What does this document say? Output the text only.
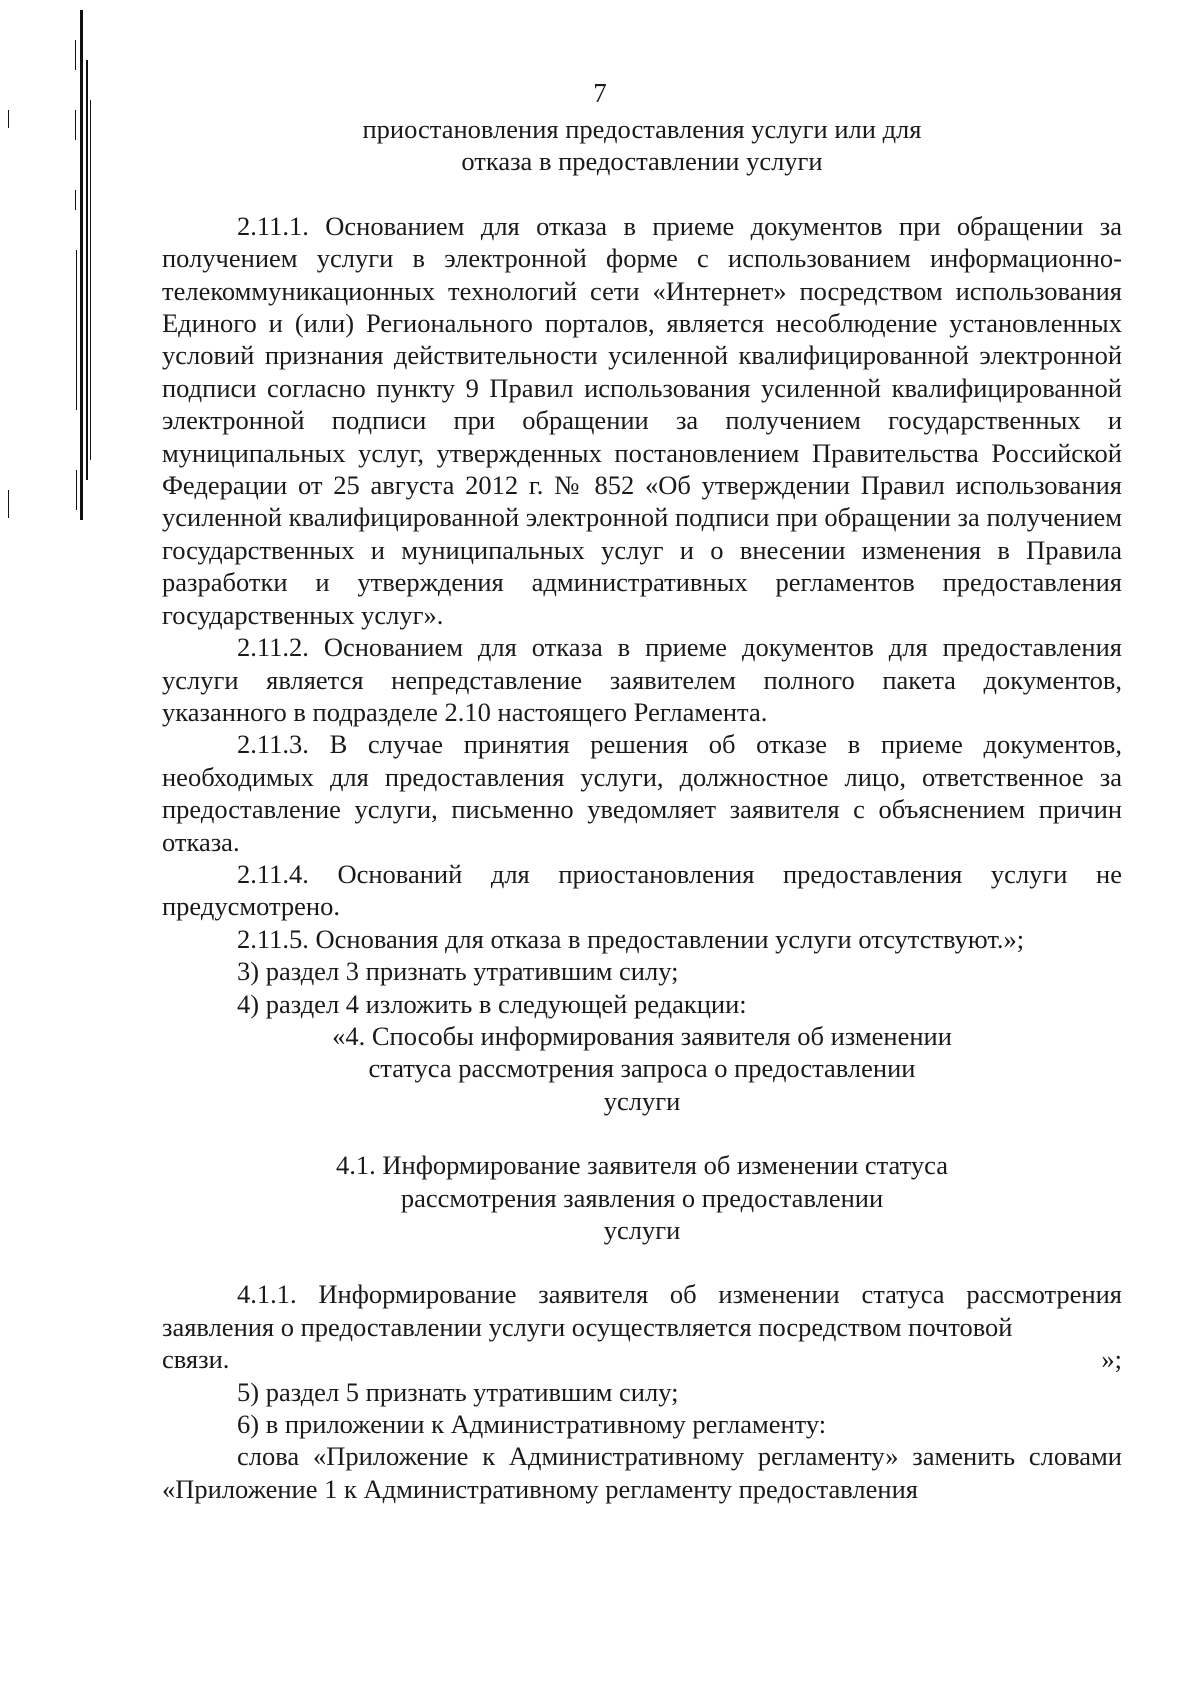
7

приостановления предоставления услуги или для

отказа в предоставлении услуги

2.11.1. Основанием для отказа в приеме документов при обращении за получением услуги в электронной форме с использованием информационно-телекоммуникационных технологий сети «Интернет» посредством использования Единого и (или) Регионального порталов, является несоблюдение установленных условий признания действительности усиленной квалифицированной электронной подписи согласно пункту 9 Правил использования усиленной квалифицированной электронной подписи при обращении за получением государственных и муниципальных услуг, утвержденных постановлением Правительства Российской Федерации от 25 августа 2012 г. № 852 «Об утверждении Правил использования усиленной квалифицированной электронной подписи при обращении за получением государственных и муниципальных услуг и о внесении изменения в Правила разработки и утверждения административных регламентов предоставления государственных услуг».

2.11.2. Основанием для отказа в приеме документов для предоставления услуги является непредставление заявителем полного пакета документов, указанного в подразделе 2.10 настоящего Регламента.

2.11.3. В случае принятия решения об отказе в приеме документов, необходимых для предоставления услуги, должностное лицо, ответственное за предоставление услуги, письменно уведомляет заявителя с объяснением причин отказа.

2.11.4. Оснований для приостановления предоставления услуги не предусмотрено.

2.11.5. Основания для отказа в предоставлении услуги отсутствуют.»;

3) раздел 3 признать утратившим силу;

4) раздел 4 изложить в следующей редакции:

«4. Способы информирования заявителя об изменении

статуса рассмотрения запроса о предоставлении

услуги

4.1. Информирование заявителя об изменении статуса

рассмотрения заявления о предоставлении

услуги

4.1.1. Информирование заявителя об изменении статуса рассмотрения заявления о предоставлении услуги осуществляется посредством почтовой

связи.	»;

5) раздел 5 признать утратившим силу;

6) в приложении к Административному регламенту:

слова «Приложение к Административному регламенту» заменить словами «Приложение 1 к Административному регламенту предоставления
